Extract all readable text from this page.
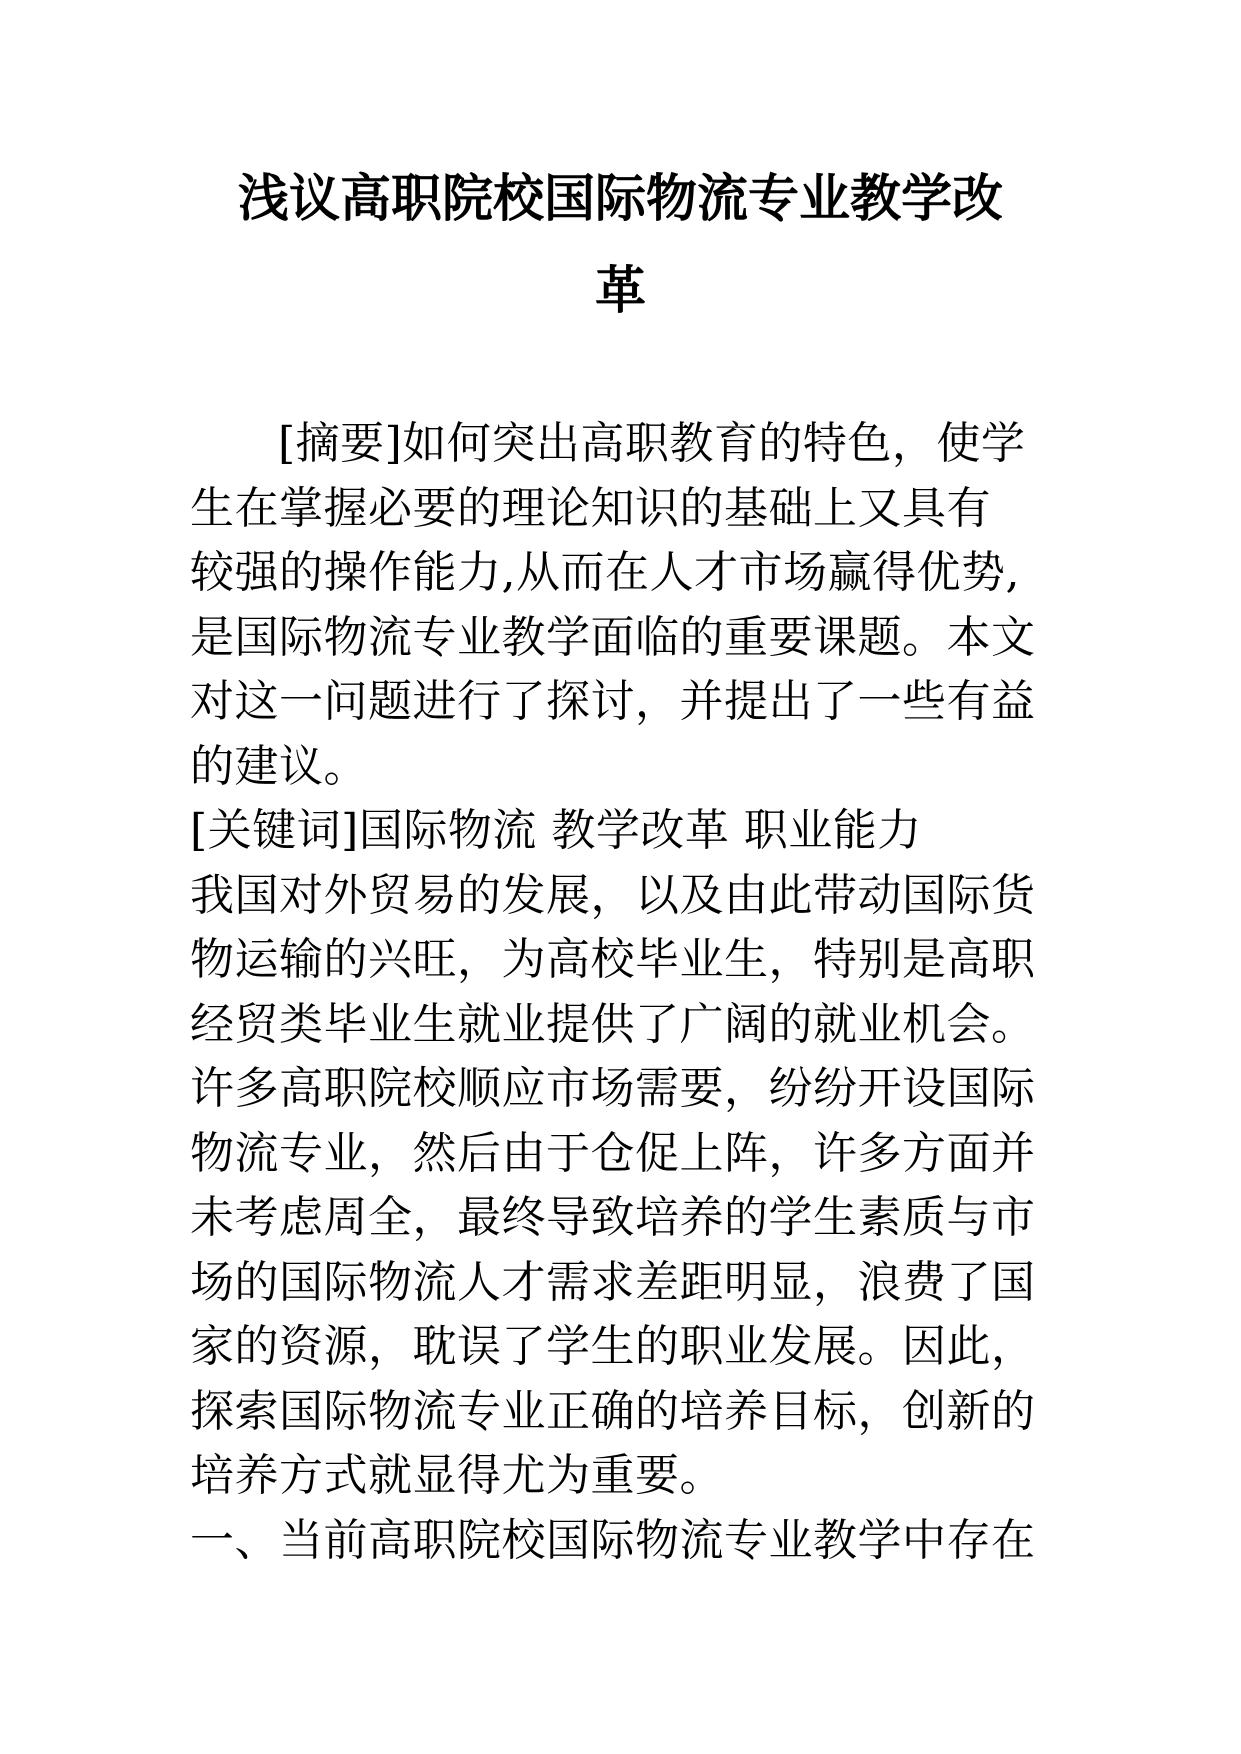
浅议高职院校国际物流专业教学改
革
[摘要]如何突出高职教育的特色，使学
生在掌握必要的理论知识的基础上又具有
较强的操作能力,从而在人才市场赢得优势,
是国际物流专业教学面临的重要课题。本文
对这一问题进行了探讨，并提出了一些有益
的建议。
[关键词]国际物流 教学改革 职业能力
我国对外贸易的发展，以及由此带动国际货
物运输的兴旺，为高校毕业生，特别是高职
经贸类毕业生就业提供了广阔的就业机会。
许多高职院校顺应市场需要，纷纷开设国际
物流专业，然后由于仓促上阵，许多方面并
未考虑周全，最终导致培养的学生素质与市
场的国际物流人才需求差距明显，浪费了国
家的资源，耽误了学生的职业发展。因此，
探索国际物流专业正确的培养目标，创新的
培养方式就显得尤为重要。
一、当前高职院校国际物流专业教学中存在
